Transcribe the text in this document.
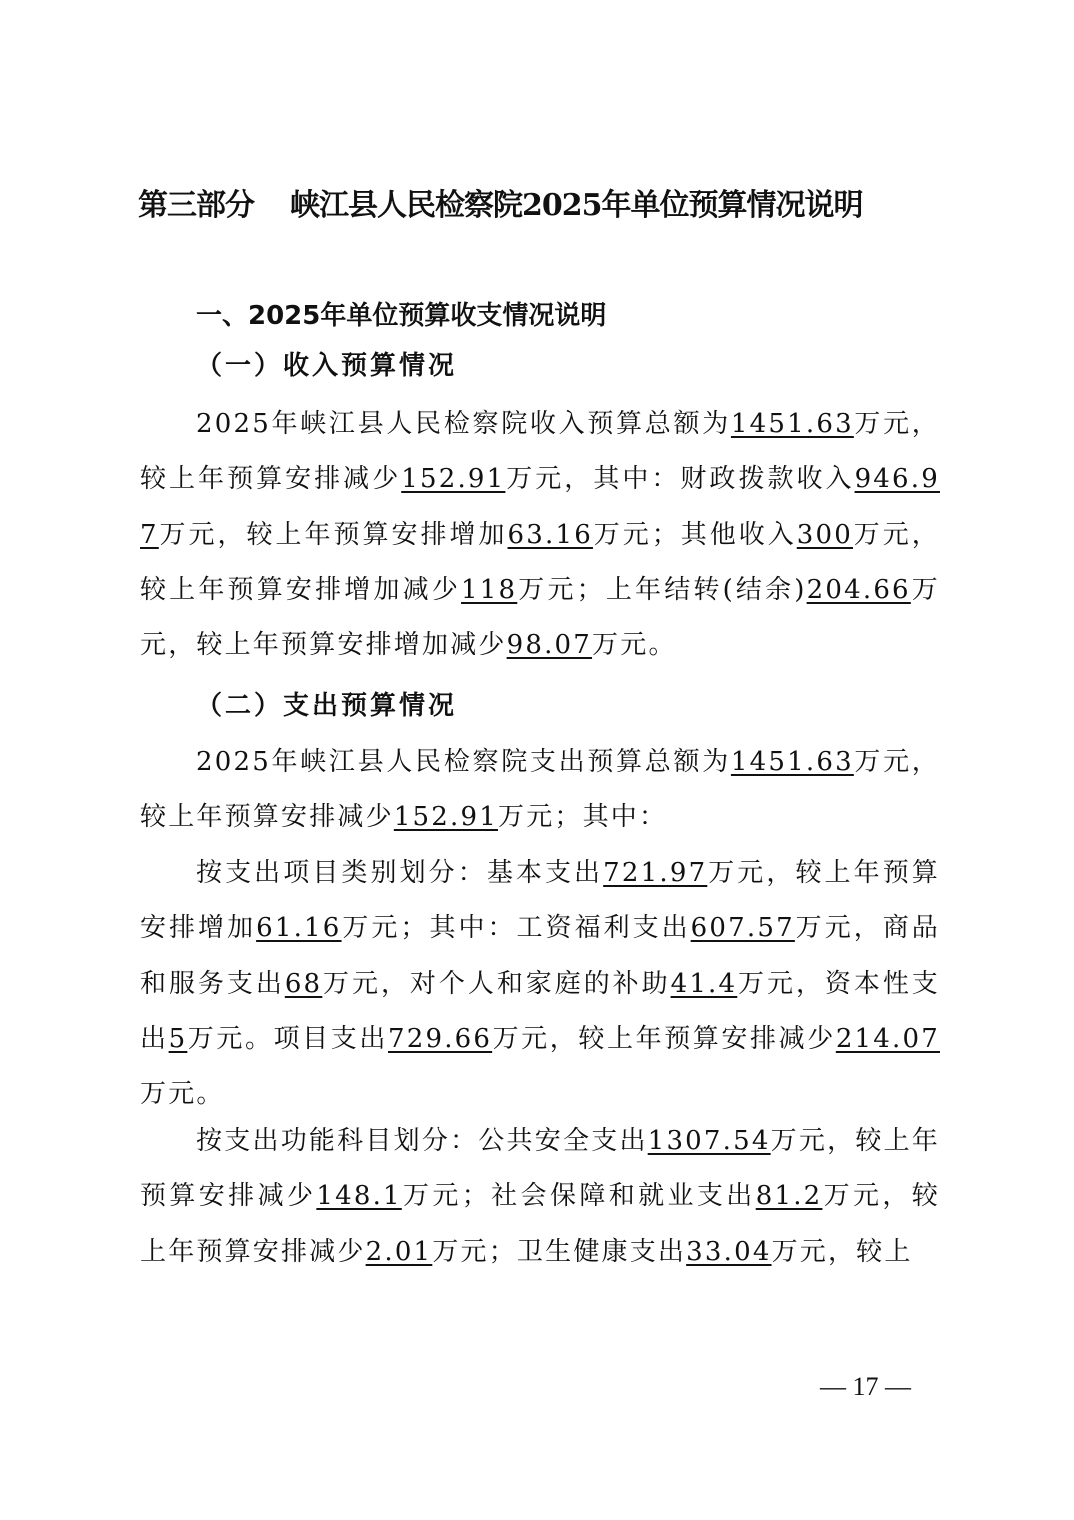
第三部分 峡江县人民检察院2025年单位预算情况说明
一、2025年单位预算收支情况说明
（一）收入预算情况

2025年峡江县人民检察院收入预算总额为1451.63万元，较上年预算安排减少152.91万元，其中：财政拨款收入946.97万元，较上年预算安排增加63.16万元；其他收入300万元，较上年预算安排增加减少118万元；上年结转(结余)204.66万元，较上年预算安排增加减少98.07万元。

（二）支出预算情况

2025年峡江县人民检察院支出预算总额为1451.63万元，较上年预算安排减少152.91万元；其中：

按支出项目类别划分：基本支出721.97万元，较上年预算安排增加61.16万元；其中：工资福利支出607.57万元，商品和服务支出68万元，对个人和家庭的补助41.4万元，资本性支出5万元。项目支出729.66万元，较上年预算安排减少214.07万元。

按支出功能科目划分：公共安全支出1307.54万元，较上年预算安排减少148.1万元；社会保障和就业支出81.2万元，较上年预算安排减少2.01万元；卫生健康支出33.04万元，较上

— 17 —
